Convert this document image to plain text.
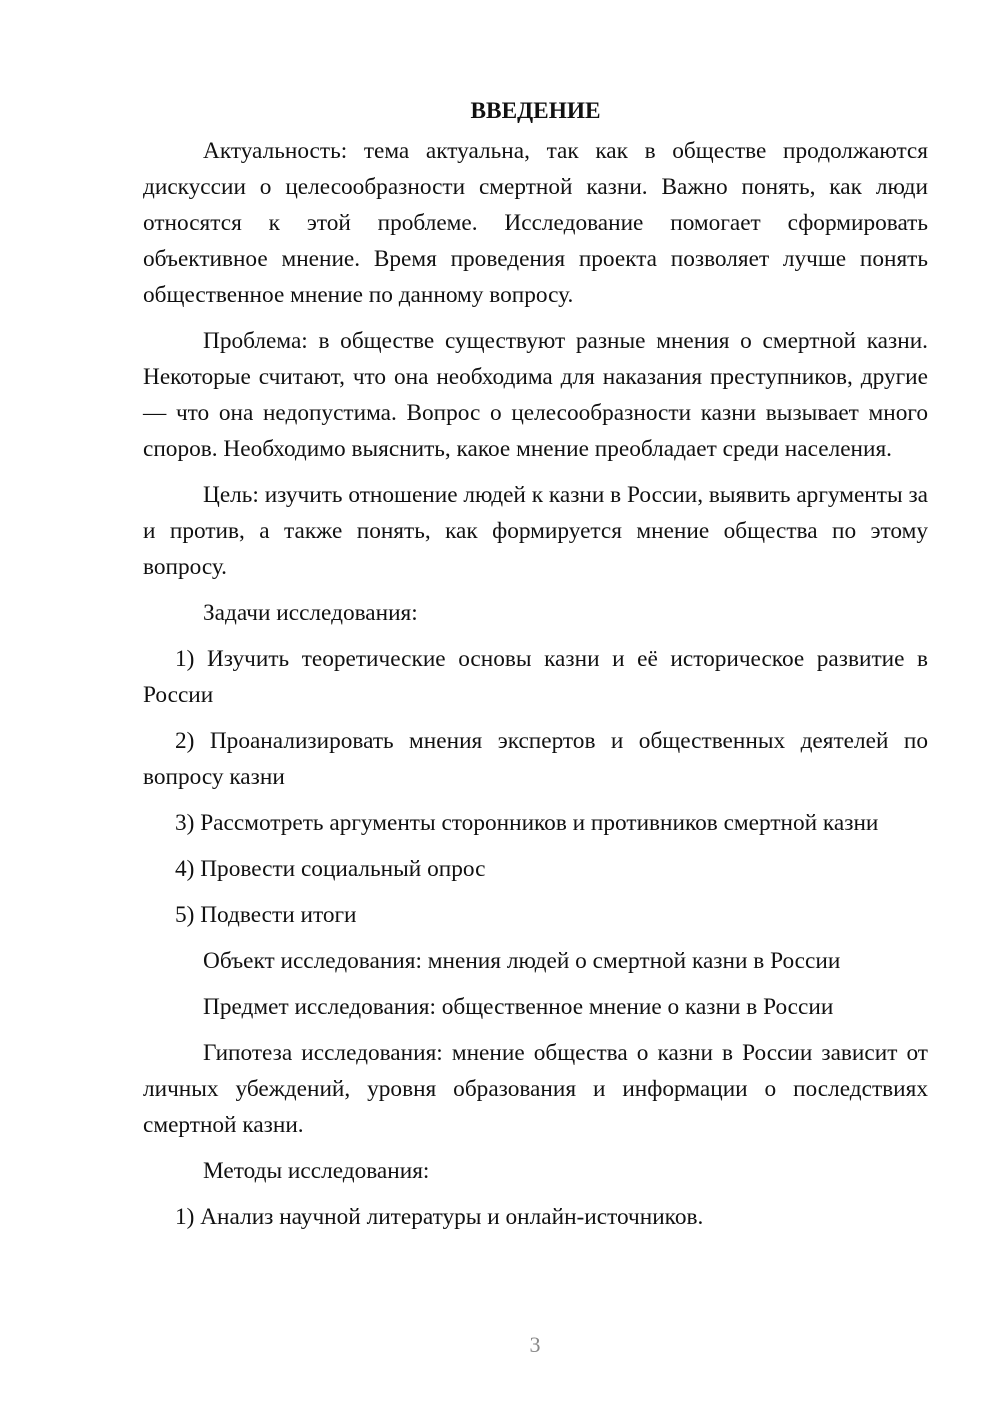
ВВЕДЕНИЕ

Актуальность: тема актуальна, так как в обществе продолжаются дискуссии о целесообразности смертной казни. Важно понять, как люди относятся к этой проблеме. Исследование помогает сформировать объективное мнение. Время проведения проекта позволяет лучше понять общественное мнение по данному вопросу.

Проблема: в обществе существуют разные мнения о смертной казни. Некоторые считают, что она необходима для наказания преступников, другие — что она недопустима. Вопрос о целесообразности казни вызывает много споров. Необходимо выяснить, какое мнение преобладает среди населения.

Цель: изучить отношение людей к казни в России, выявить аргументы за и против, а также понять, как формируется мнение общества по этому вопросу.

Задачи исследования:

1) Изучить теоретические основы казни и её историческое развитие в России

2) Проанализировать мнения экспертов и общественных деятелей по вопросу казни

3) Рассмотреть аргументы сторонников и противников смертной казни

4) Провести социальный опрос
5) Подвести итоги
Объект исследования: мнения людей о смертной казни в России
Предмет исследования: общественное мнение о казни в России

Гипотеза исследования: мнение общества о казни в России зависит от личных убеждений, уровня образования и информации о последствиях смертной казни.

Методы исследования:
1) Анализ научной литературы и онлайн-источников.
3
